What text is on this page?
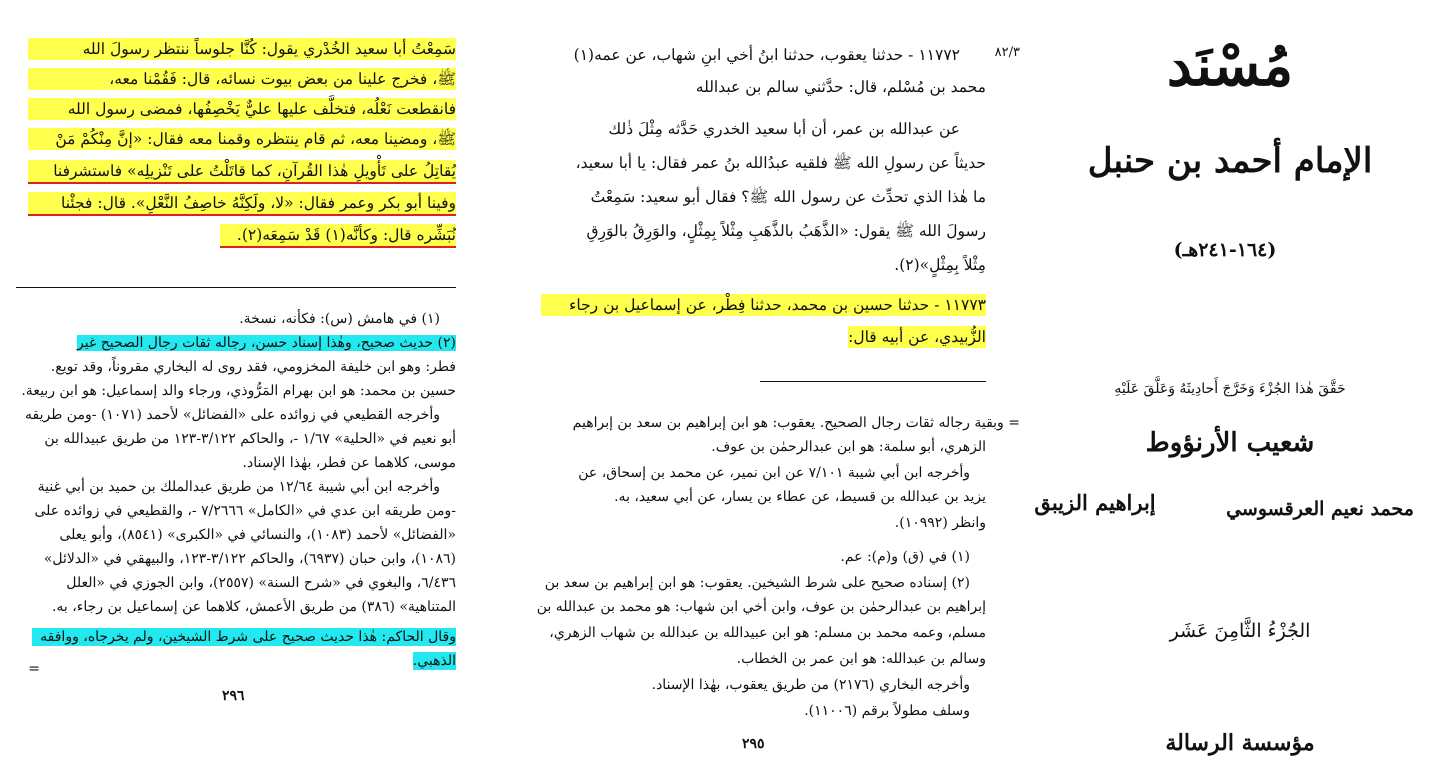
سَمِعْتُ أبا سعيد الخُدْري يقول: كُنَّا جلوساً ننتظر رسولَ الله
ﷺ، فخرج علينا من بعض بيوت نسائه، قال: فَقُمْنا معه،
فانقطعت نَعْلُه، فتخلَّف عليها عليٌّ يَخْصِفُها، فمضى رسول الله
ﷺ، ومضينا معه، ثم قام ينتظره وقمنا معه فقال: «إنَّ مِنْكُمْ مَنْ
يُقاتِلُ على تَأْويلِ هٰذا القُرآنِ، كما قاتَلْتُ على تَنْزيلِه» فاستشرفنا
وفينا أبو بكر وعمر فقال: «لا، ولَكِنَّهُ خاصِفُ النَّعْلِ». قال: فجئْنا
نُبَشِّره قال: وكأنَّه(١) قَدْ سَمِعَه(٢).
(١) في هامش (س): فكأنه، نسخة.
(٢) حديث صحيح، وهٰذا إسناد حسن، رجاله ثقات رجال الصحيح غير
فطر: وهو ابن خليفة المخزومي، فقد روى له البخاري مقروناً، وقد تويع.
حسين بن محمد: هو ابن بهرام المَرُّوذي، ورجاء والد إسماعيل: هو ابن ربيعة.
وأخرجه القطيعي في زوائده على «الفضائل» لأحمد (١٠٧١) -ومن طريقه
أبو نعيم في «الحلية» ١/٦٧ -، والحاكم ٣/١٢٢-١٢٣ من طريق عبيدالله بن
موسى، كلاهما عن فطر، بهٰذا الإسناد.
وأخرجه ابن أبي شيبة ١٢/٦٤ من طريق عبدالملك بن حميد بن أبي غنية
-ومن طريقه ابن عدي في «الكامل» ٧/٢٦٦٦ -، والقطيعي في زوائده على
«الفضائل» لأحمد (١٠٨٣)، والنسائي في «الكبرى» (٨٥٤١)، وأبو يعلى
(١٠٨٦)، وابن حبان (٦٩٣٧)، والحاكم ٣/١٢٢-١٢٣، والبيهقي في «الدلائل»
٦/٤٣٦، والبغوي في «شرح السنة» (٢٥٥٧)، وابن الجوزي في «العلل
المتناهية» (٣٨٦) من طريق الأعمش، كلاهما عن إسماعيل بن رجاء، به.
وقال الحاكم: هٰذا حديث صحيح على شرط الشيخين، ولم يخرجاه، ووافقه
الذهبي.
=
٢٩٦
٨٢/٣
١١٧٧٢ - حدثنا يعقوب، حدثنا ابنُ أخي ابنِ شهاب، عن عمه(١)
محمد بن مُسْلم، قال: حدَّثني سالم بن عبدالله
عن عبدالله بن عمر، أن أبا سعيد الخدري حَدَّثه مِثْلَ ذٰلك
حديثاً عن رسولِ الله ﷺ فلقيه عبدُالله بنُ عمر فقال: يا أبا سعيد،
ما هٰذا الذي تحدِّث عن رسول الله ﷺ؟ فقال أبو سعيد: سَمِعْتُ
رسولَ الله ﷺ يقول: «الذَّهَبُ بالذَّهَبِ مِثْلاً بِمِثْلٍ، والوَرِقُ بالوَرِقِ
مِثْلاً بِمِثْلٍ»(٢).
١١٧٧٣ - حدثنا حسين بن محمد، حدثنا فِطْر، عن إسماعيل بن رجاء
الزُّبيدي، عن أبيه قال:
= وبقية رجاله ثقات رجال الصحيح. يعقوب: هو ابن إبراهيم بن سعد بن إبراهيم
الزهري، أبو سلمة: هو ابن عبدالرحمٰن بن عوف.
وأخرجه ابن أبي شيبة ٧/١٠١ عن ابن نمير، عن محمد بن إسحاق، عن
يزيد بن عبدالله بن قسيط، عن عطاء بن يسار، عن أبي سعيد، به.
وانظر (١٠٩٩٢).
(١) في (ق) و(م): عم.
(٢) إسناده صحيح على شرط الشيخين. يعقوب: هو ابن إبراهيم بن سعد بن
إبراهيم بن عبدالرحمٰن بن عوف، وابن أخي ابن شهاب: هو محمد بن عبدالله بن
مسلم، وعمه محمد بن مسلم: هو ابن عبيدالله بن عبدالله بن شهاب الزهري،
وسالم بن عبدالله: هو ابن عمر بن الخطاب.
وأخرجه البخاري (٢١٧٦) من طريق يعقوب، بهٰذا الإسناد.
وسلف مطولاً برقم (١١٠٠٦).
٢٩٥
مُسْنَد
الإمام أحمد بن حنبل
(١٦٤-٢٤١هـ)
حَقَّقَ هٰذا الجُزْءَ وَخَرَّجَ أَحادِيثَهُ وَعَلَّقَ عَلَيْهِ
شعيب الأرنؤوط
إبراهيم الزيبق	محمد نعيم العرقسوسي
الجُزْءُ الثَّامِنَ عَشَر
مؤسسة الرسالة
